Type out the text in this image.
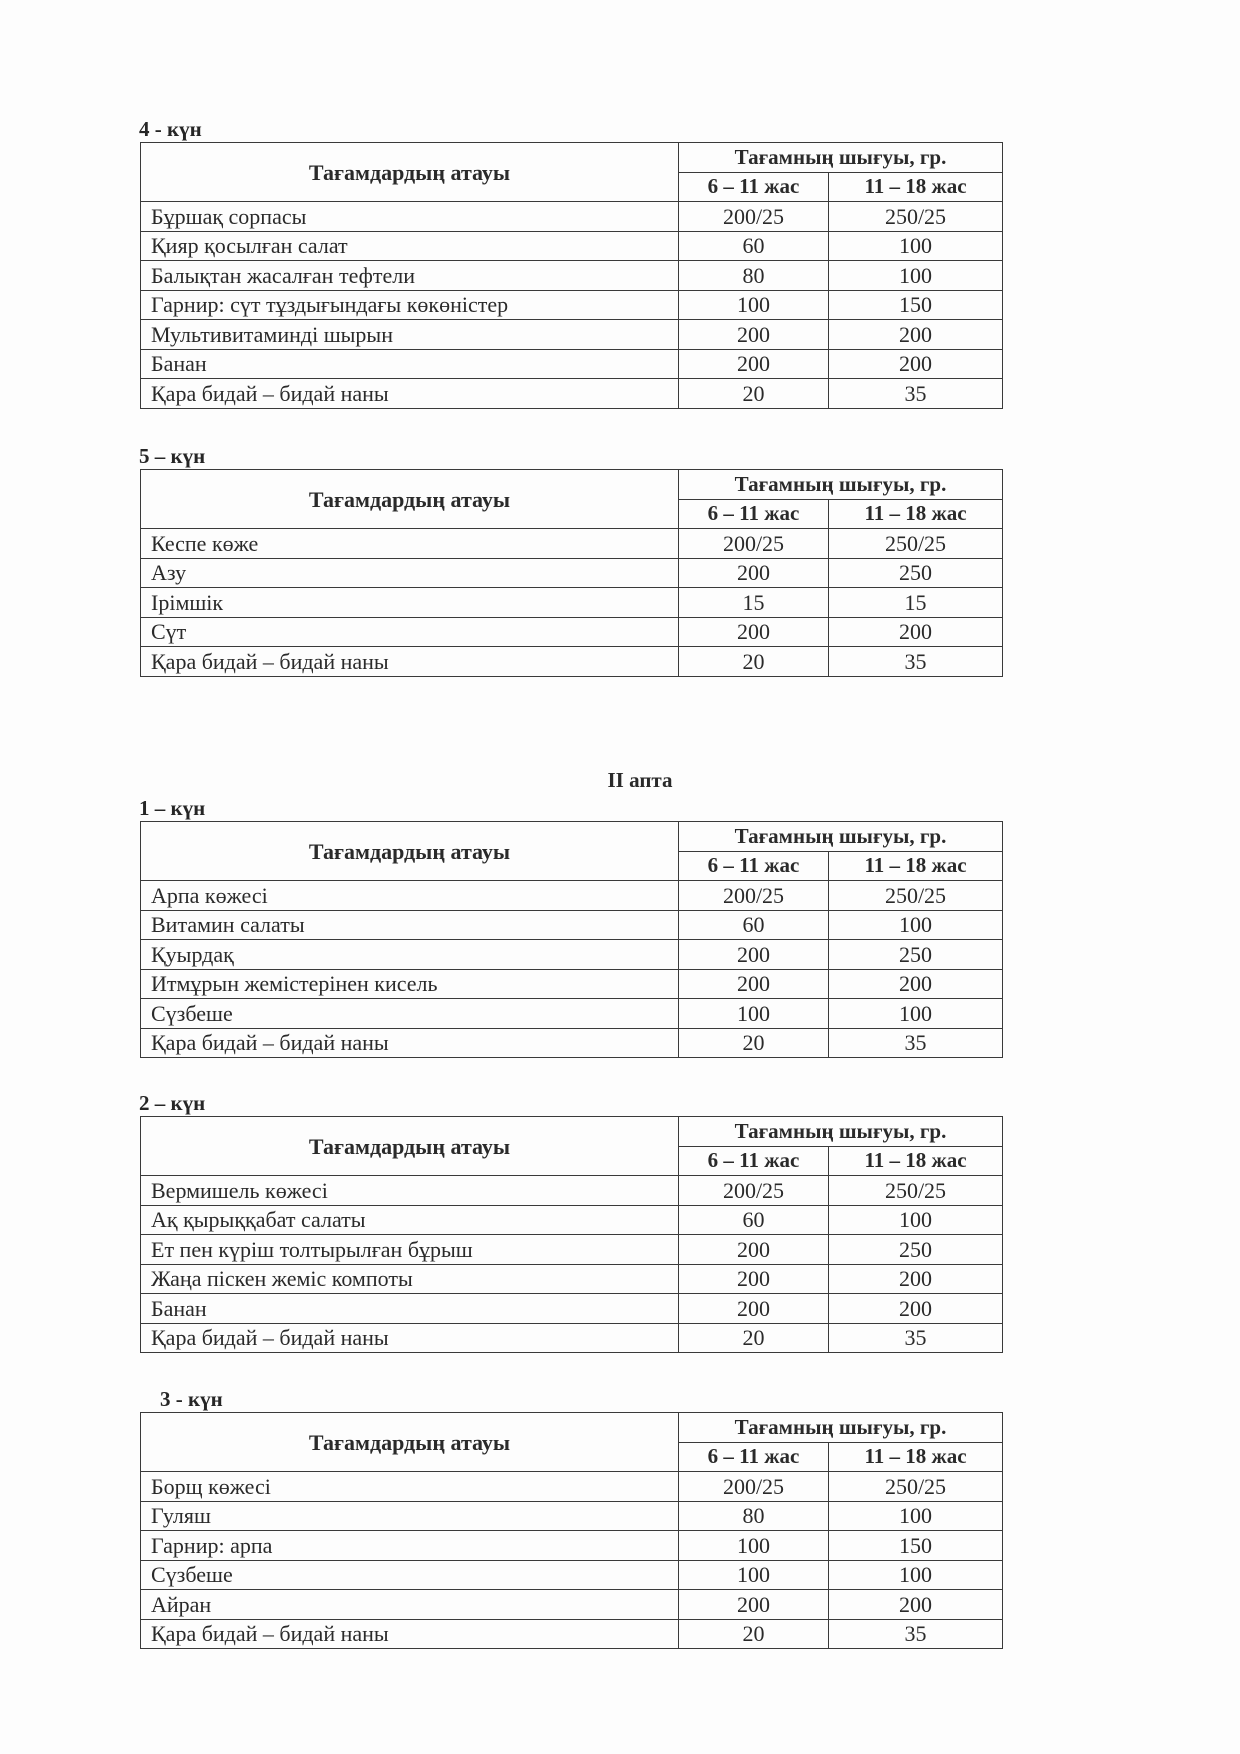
4 - күн
Тағамдардың атауы	Тағамның шығуы, гр.	
	6 – 11 жас	11 – 18 жас
Бұршақ сорпасы	200/25	250/25
Қияр қосылған салат	60	100
Балықтан жасалған тефтели	80	100
Гарнир: сүт тұздығындағы көкөністер	100	150
Мультивитаминді шырын	200	200
Банан	200	200
Қара бидай – бидай наны	20	35
5 – күн
Тағамдардың атауы	Тағамның шығуы, гр.	
	6 – 11 жас	11 – 18 жас
Кеспе көже	200/25	250/25
Азу	200	250
Ірімшік	15	15
Сүт	200	200
Қара бидай – бидай наны	20	35
II апта
1 – күн
Тағамдардың атауы	Тағамның шығуы, гр.	
	6 – 11 жас	11 – 18 жас
Арпа көжесі	200/25	250/25
Витамин салаты	60	100
Қуырдақ	200	250
Итмұрын жемістерінен кисель	200	200
Сүзбеше	100	100
Қара бидай – бидай наны	20	35
2 – күн
Тағамдардың атауы	Тағамның шығуы, гр.	
	6 – 11 жас	11 – 18 жас
Вермишель көжесі	200/25	250/25
Ақ қырыққабат салаты	60	100
Ет пен күріш толтырылған бұрыш	200	250
Жаңа піскен жеміс компоты	200	200
Банан	200	200
Қара бидай – бидай наны	20	35
3 - күн
Тағамдардың атауы	Тағамның шығуы, гр.	
	6 – 11 жас	11 – 18 жас
Борщ көжесі	200/25	250/25
Гуляш	80	100
Гарнир: арпа	100	150
Сүзбеше	100	100
Айран	200	200
Қара бидай – бидай наны	20	35
